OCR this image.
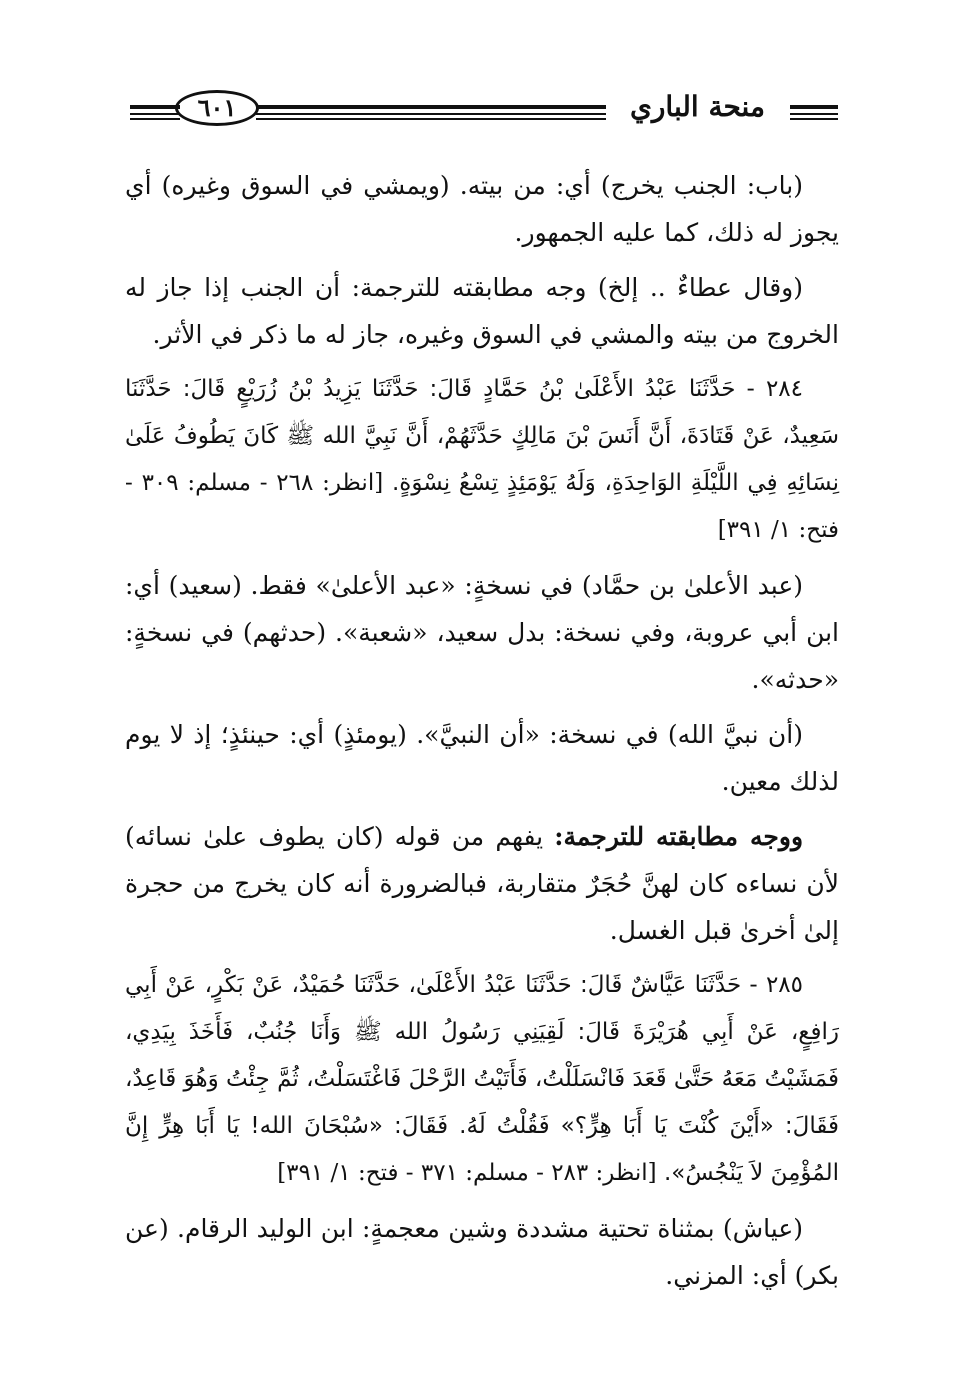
٦٠١	منحة الباري

(باب: الجنب يخرج) أي: من بيته. (ويمشي في السوق وغيره) أي يجوز له ذلك، كما عليه الجمهور.

(وقال عطاءٌ .. إلخ) وجه مطابقته للترجمة: أن الجنب إذا جاز له الخروج من بيته والمشي في السوق وغيره، جاز له ما ذكر في الأثر.

٢٨٤ - حَدَّثَنَا عَبْدُ الأَعْلَىٰ بْنُ حَمَّادٍ قَالَ: حَدَّثَنَا يَزِيدُ بْنُ زُرَيْعٍ قَالَ: حَدَّثَنَا سَعِيدٌ، عَنْ قَتَادَةَ، أَنَّ أَنَسَ بْنَ مَالِكٍ حَدَّثَهُمْ، أَنَّ نَبِيَّ الله ﷺ كَانَ يَطُوفُ عَلَىٰ نِسَائِهِ فِي اللَّيْلَةِ الوَاحِدَةِ، وَلَهُ يَوْمَئِذٍ تِسْعُ نِسْوَةٍ. [انظر: ٢٦٨ - مسلم: ٣٠٩ - فتح: ١/ ٣٩١]

(عبد الأعلىٰ بن حمَّاد) في نسخةٍ: «عبد الأعلىٰ» فقط. (سعيد) أي: ابن أبي عروبة، وفي نسخة: بدل سعيد، «شعبة». (حدثهم) في نسخةٍ: «حدثه».

(أن نبيَّ الله) في نسخة: «أن النبيَّ». (يومئذٍ) أي: حينئذٍ؛ إذ لا يوم لذلك معين.

ووجه مطابقته للترجمة: يفهم من قوله (كان يطوف علىٰ نسائه) لأن نساءه كان لهنَّ حُجَرٌ متقاربة، فبالضرورة أنه كان يخرج من حجرة إلىٰ أخرىٰ قبل الغسل.

٢٨٥ - حَدَّثَنَا عَيَّاشٌ قَالَ: حَدَّثَنَا عَبْدُ الأَعْلَىٰ، حَدَّثَنَا حُمَيْدٌ، عَنْ بَكْرٍ، عَنْ أَبِي رَافِعٍ، عَنْ أَبِي هُرَيْرَةَ قَالَ: لَقِيَنِي رَسُولُ الله ﷺ وَأَنَا جُنُبٌ، فَأَخَذَ بِيَدِي، فَمَشَيْتُ مَعَهُ حَتَّىٰ قَعَدَ فَانْسَلَلْتُ، فَأَتَيْتُ الرَّحْلَ فَاغْتَسَلْتُ، ثُمَّ جِئْتُ وَهُوَ قَاعِدٌ، فَقَالَ: «أَيْنَ كُنْتَ يَا أَبَا هِرٍّ؟» فَقُلْتُ لَهُ. فَقَالَ: «سُبْحَانَ الله! يَا أَبَا هِرٍّ إِنَّ المُؤْمِنَ لاَ يَنْجُسُ». [انظر: ٢٨٣ - مسلم: ٣٧١ - فتح: ١/ ٣٩١]

(عياش) بمثناة تحتية مشددة وشين معجمةٍ: ابن الوليد الرقام. (عن بكر) أي: المزني.
